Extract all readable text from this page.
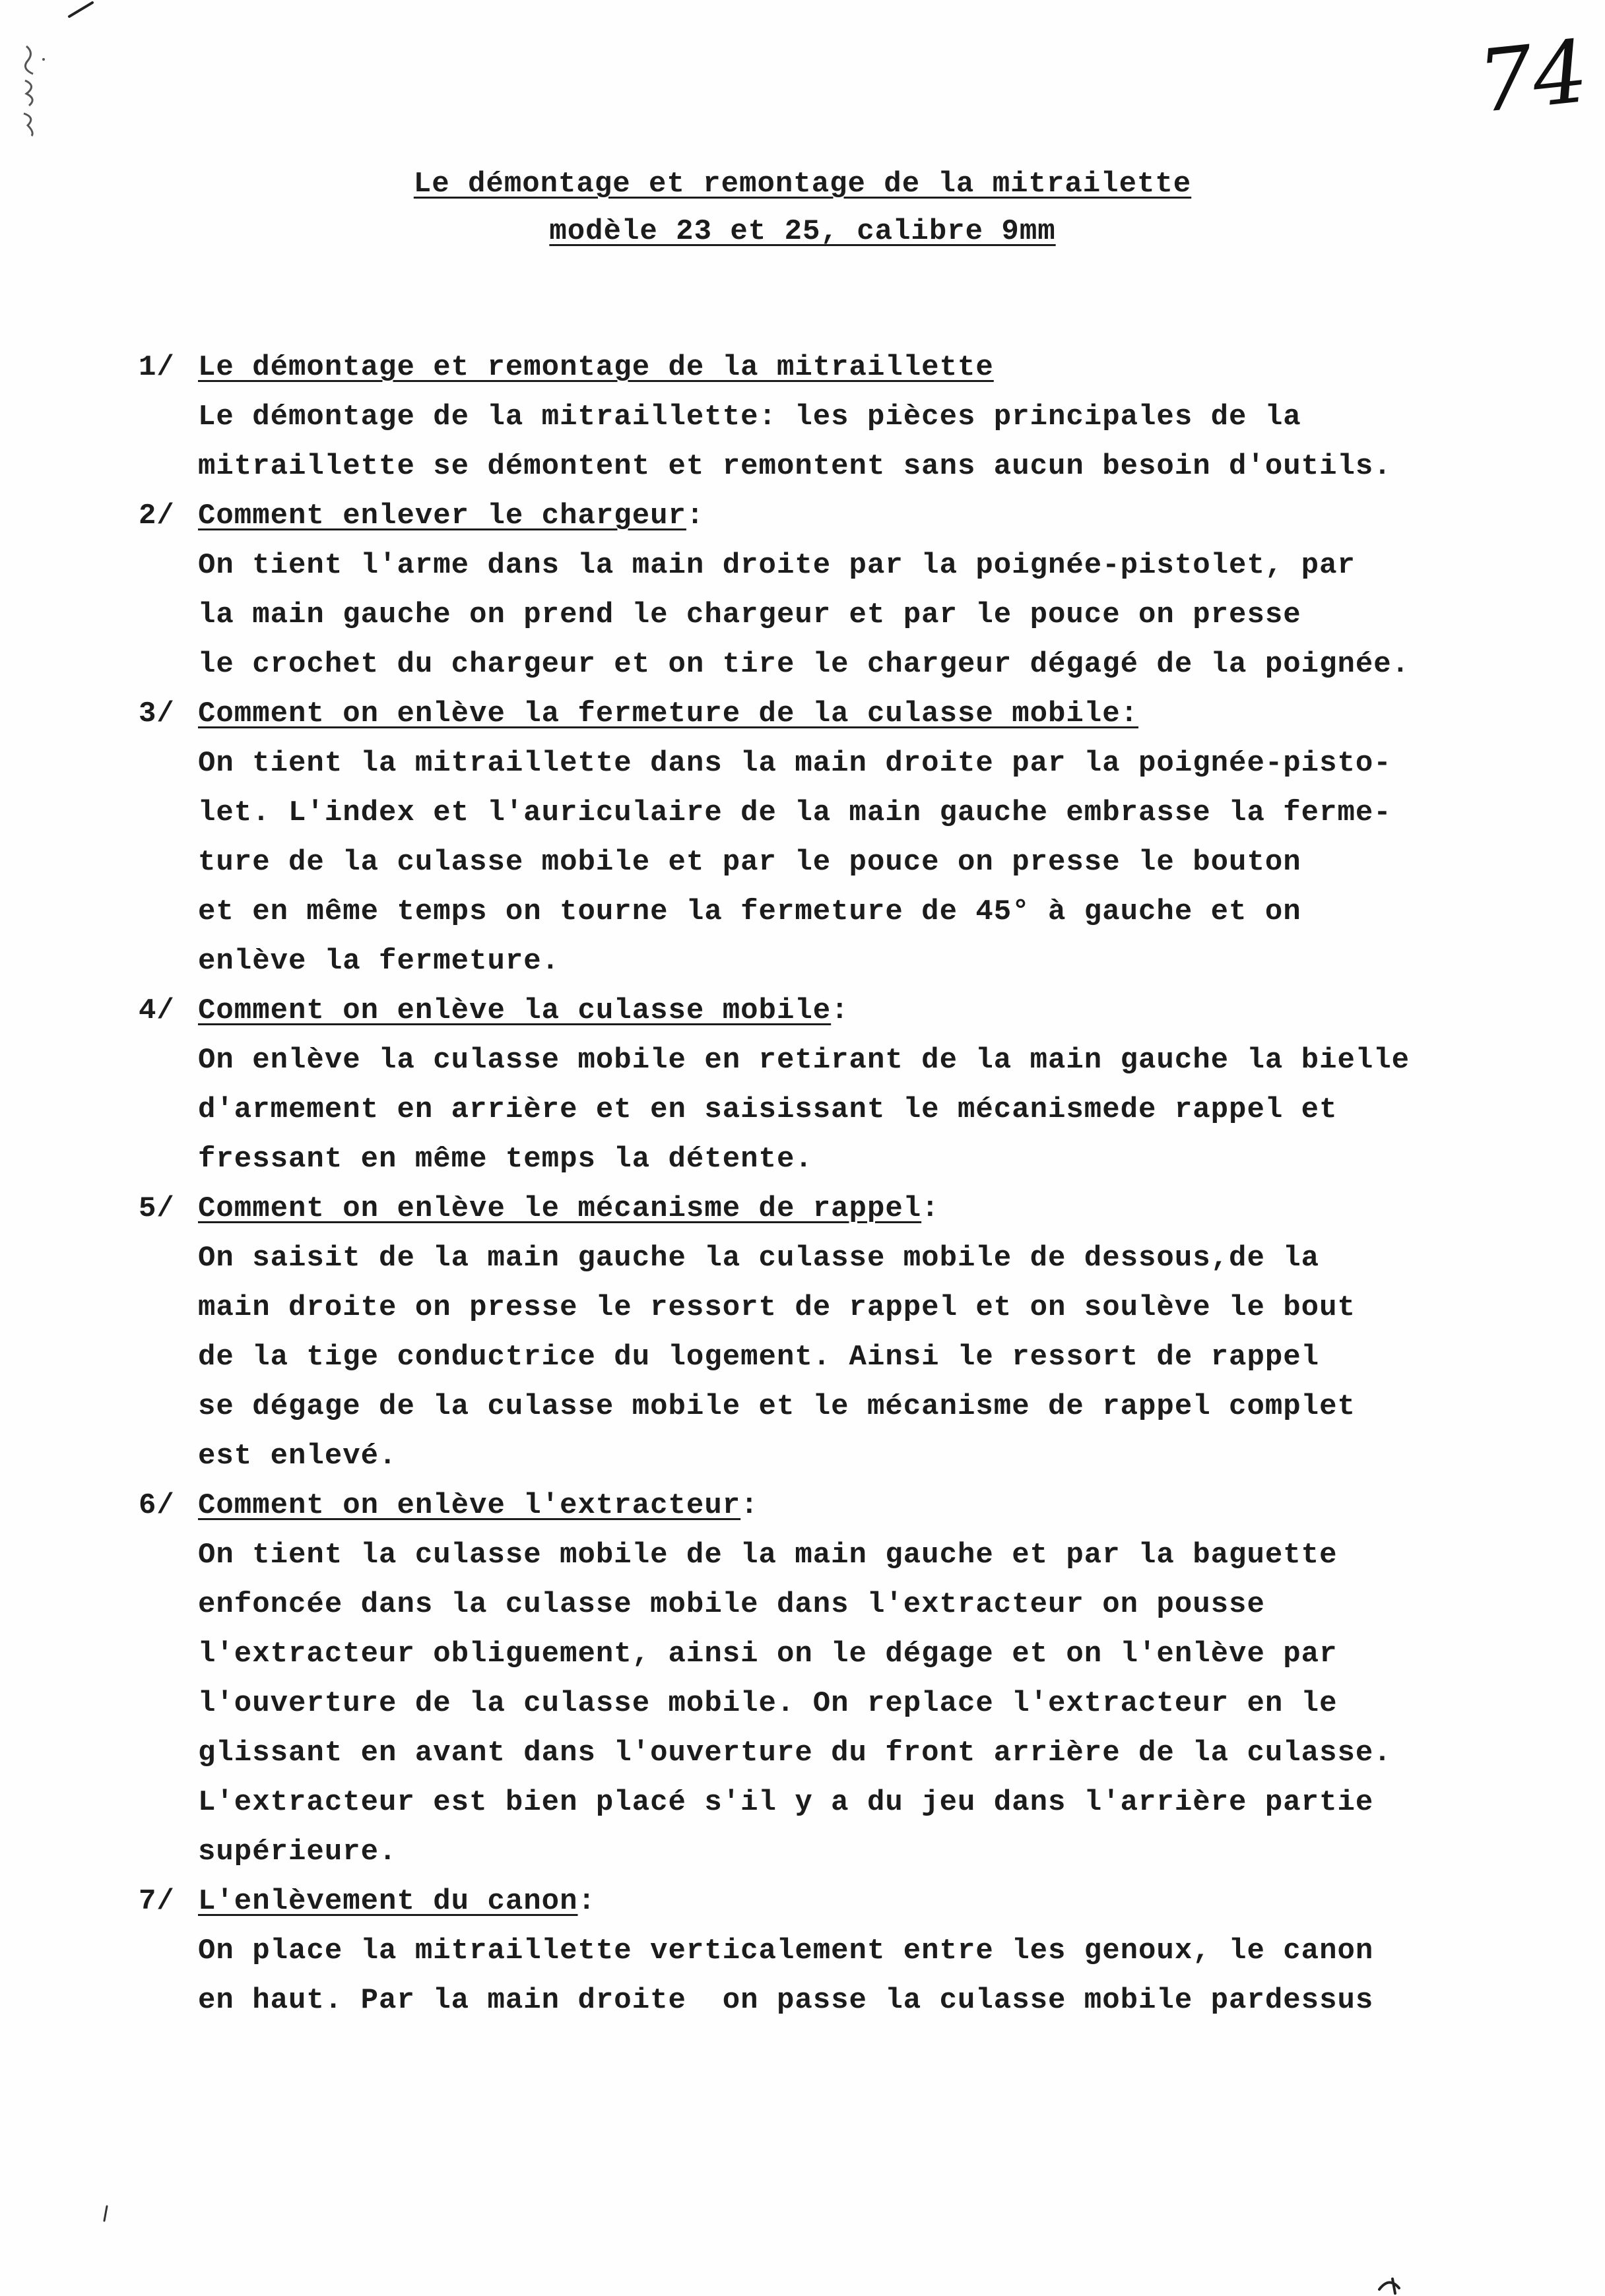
74
Le démontage et remontage de la mitrailette
modèle 23 et 25, calibre 9mm
1/ Le démontage et remontage de la mitraillette
Le démontage de la mitraillette: les pièces principales de la
mitraillette se démontent et remontent sans aucun besoin d'outils.
2/ Comment enlever le chargeur :
On tient l'arme dans la main droite par la poignée-pistolet, par
la main gauche on prend le chargeur et par le pouce on presse
le crochet du chargeur et on tire le chargeur dégagé de la poignée.
3/ Comment on enlève la fermeture de la culasse mobile:
On tient la mitraillette dans la main droite par la poignée-pisto-
let. L'index et l'auriculaire de la main gauche embrasse la ferme-
ture de la culasse mobile et par le pouce on presse le bouton
et en même temps on tourne la fermeture de 45° à gauche et on
enlève la fermeture.
4/ Comment on enlève la culasse mobile :
On enlève la culasse mobile en retirant de la main gauche la bielle
d'armement en arrière et en saisissant le mécanismede rappel et
fressant en même temps la détente.
5/ Comment on enlève le mécanisme de rappel :
On saisit de la main gauche la culasse mobile de dessous,de la
main droite on presse le ressort de rappel et on soulève le bout
de la tige conductrice du logement. Ainsi le ressort de rappel
se dégage de la culasse mobile et le mécanisme de rappel complet
est enlevé.
6/ Comment on enlève l'extracteur :
On tient la culasse mobile de la main gauche et par la baguette
enfoncée dans la culasse mobile dans l'extracteur on pousse
l'extracteur obliguement, ainsi on le dégage et on l'enlève par
l'ouverture de la culasse mobile. On replace l'extracteur en le
glissant en avant dans l'ouverture du front arrière de la culasse.
L'extracteur est bien placé s'il y a du jeu dans l'arrière partie
supérieure.
7/ L'enlèvement du canon :
On place la mitraillette verticalement entre les genoux, le canon
en haut. Par la main droite  on passe la culasse mobile pardessus
